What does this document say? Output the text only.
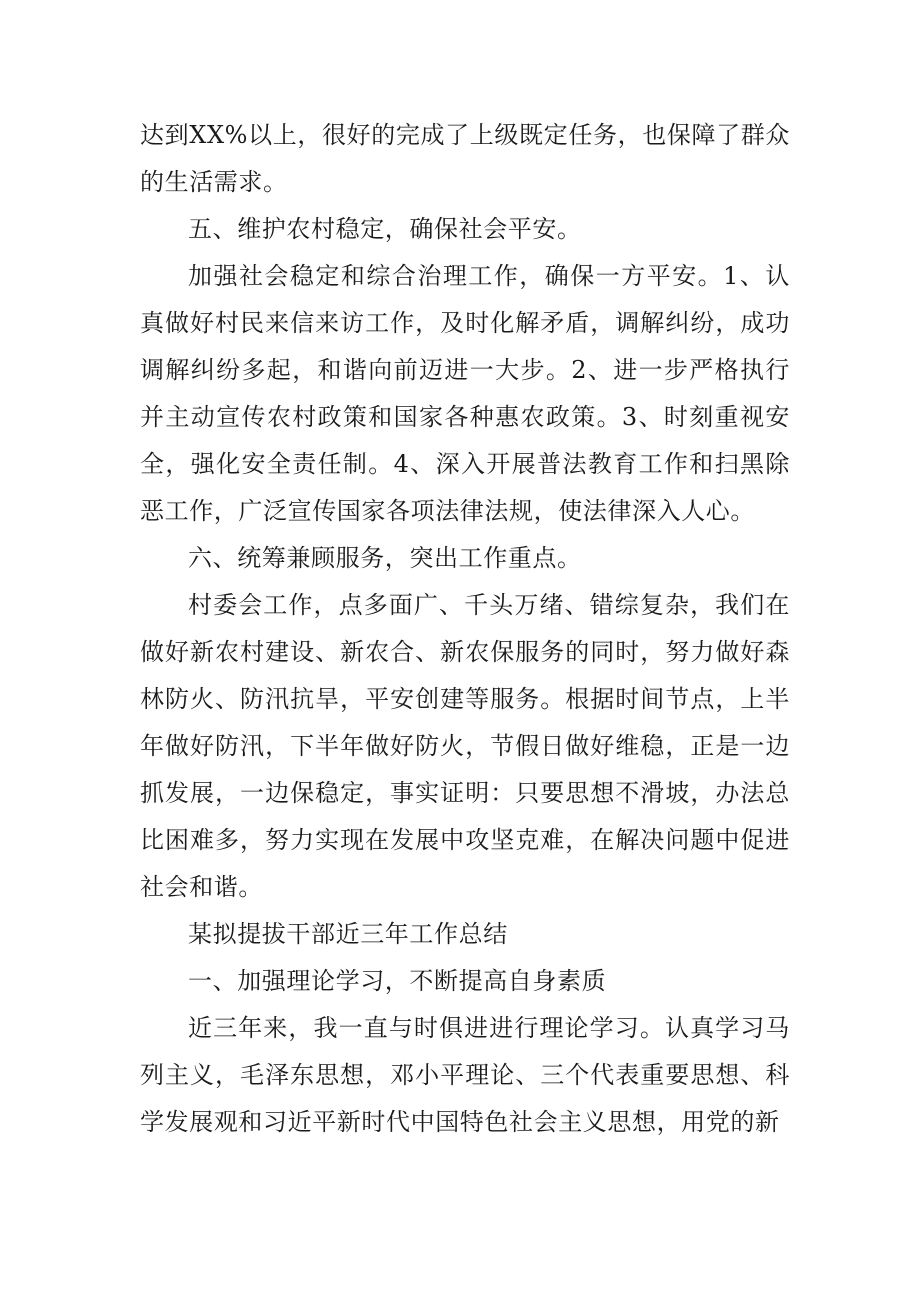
达到XX%以上，很好的完成了上级既定任务，也保障了群众的生活需求。

五、维护农村稳定，确保社会平安。

加强社会稳定和综合治理工作，确保一方平安。1、认真做好村民来信来访工作，及时化解矛盾，调解纠纷，成功调解纠纷多起，和谐向前迈进一大步。2、进一步严格执行并主动宣传农村政策和国家各种惠农政策。3、时刻重视安全，强化安全责任制。4、深入开展普法教育工作和扫黑除恶工作，广泛宣传国家各项法律法规，使法律深入人心。

六、统筹兼顾服务，突出工作重点。

村委会工作，点多面广、千头万绪、错综复杂，我们在做好新农村建设、新农合、新农保服务的同时，努力做好森林防火、防汛抗旱，平安创建等服务。根据时间节点，上半年做好防汛，下半年做好防火，节假日做好维稳，正是一边抓发展，一边保稳定，事实证明：只要思想不滑坡，办法总比困难多，努力实现在发展中攻坚克难，在解决问题中促进社会和谐。

某拟提拔干部近三年工作总结

一、加强理论学习，不断提高自身素质

近三年来，我一直与时俱进进行理论学习。认真学习马列主义，毛泽东思想，邓小平理论、三个代表重要思想、科学发展观和习近平新时代中国特色社会主义思想，用党的新
